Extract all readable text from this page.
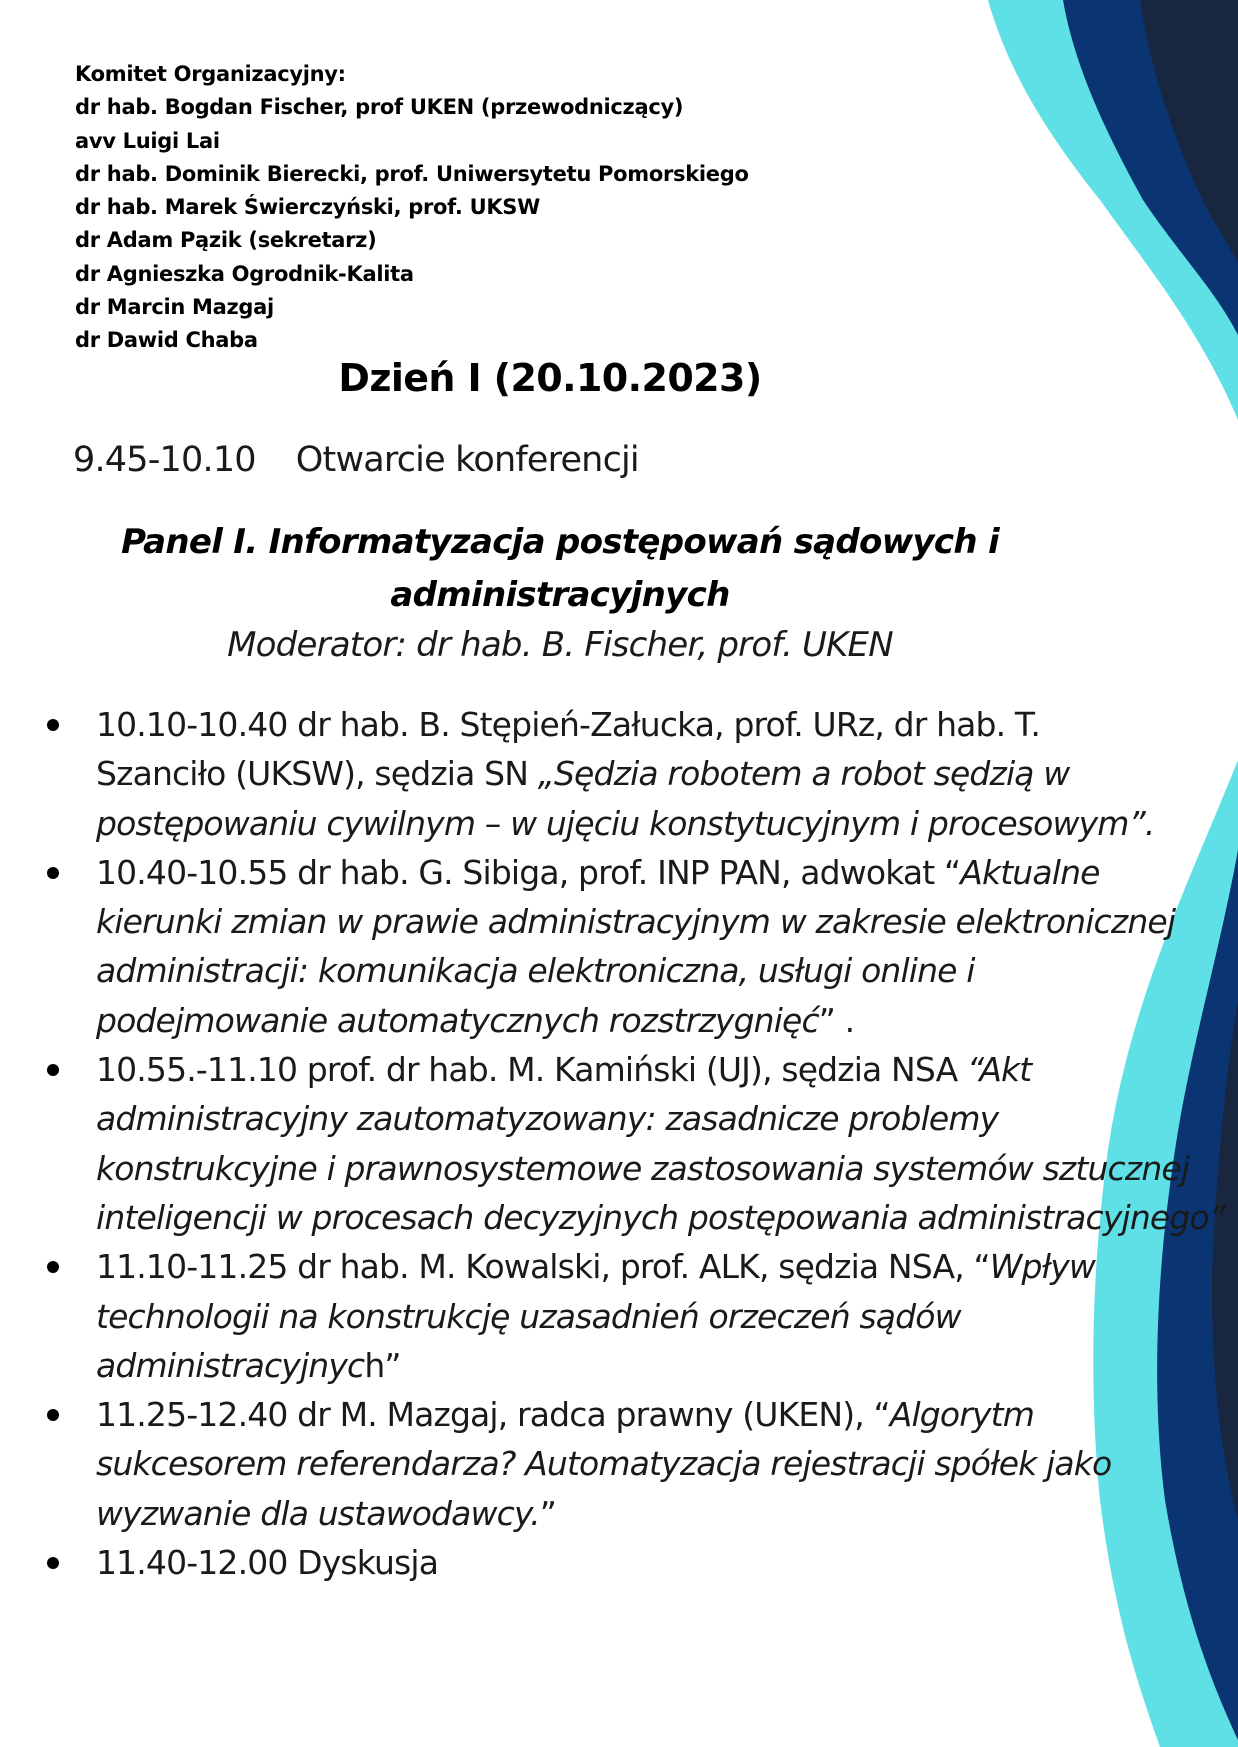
Komitet Organizacyjny:
dr hab. Bogdan Fischer, prof UKEN (przewodniczący)
avv Luigi Lai
dr hab. Dominik Bierecki, prof. Uniwersytetu Pomorskiego
dr hab. Marek Świerczyński, prof. UKSW
dr Adam Pązik (sekretarz)
dr Agnieszka Ogrodnik-Kalita
dr Marcin Mazgaj
dr Dawid Chaba
Dzień I (20.10.2023)
9.45-10.10 Otwarcie konferencji
Panel I. Informatyzacja postępowań sądowych i
administracyjnych
Moderator: dr hab. B. Fischer, prof. UKEN
10.10-10.40 dr hab. B. Stępień-Załucka, prof. URz, dr hab. T.
Szanciło (UKSW), sędzia SN „Sędzia robotem a robot sędzią w
postępowaniu cywilnym – w ujęciu konstytucyjnym i procesowym”.
10.40-10.55 dr hab. G. Sibiga, prof. INP PAN, adwokat “Aktualne
kierunki zmian w prawie administracyjnym w zakresie elektronicznej
administracji: komunikacja elektroniczna, usługi online i
podejmowanie automatycznych rozstrzygnięć” .
10.55.-11.10 prof. dr hab. M. Kamiński (UJ), sędzia NSA “Akt
administracyjny zautomatyzowany: zasadnicze problemy
konstrukcyjne i prawnosystemowe zastosowania systemów sztucznej
inteligencji w procesach decyzyjnych postępowania administracyjnego”
11.10-11.25 dr hab. M. Kowalski, prof. ALK, sędzia NSA, “Wpływ
technologii na konstrukcję uzasadnień orzeczeń sądów
administracyjnych”
11.25-12.40 dr M. Mazgaj, radca prawny (UKEN), “Algorytm
sukcesorem referendarza? Automatyzacja rejestracji spółek jako
wyzwanie dla ustawodawcy.”
11.40-12.00 Dyskusja
